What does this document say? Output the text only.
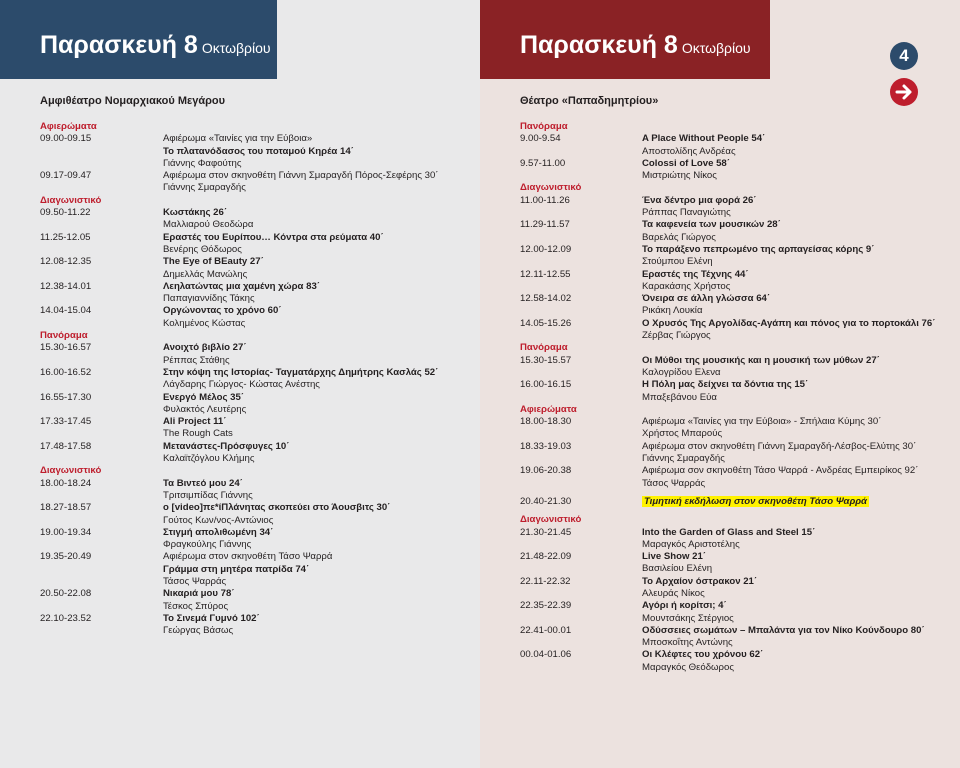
Παρασκευή 8 Οκτωβρίου
Αμφιθέατρο Νομαρχιακού Μεγάρου
Αφιερώματα
09.00-09.15	Αφιέρωμα «Ταινίες για την Εύβοια»
Το πλατανόδασος του ποταμού Κηρέα 14΄
Γιάννης Φαφούτης
09.17-09.47	Αφιέρωμα στον σκηνοθέτη Γιάννη Σμαραγδή Πόρος-Σεφέρης 30΄
Γιάννης Σμαραγδής
Διαγωνιστικό
09.50-11.22	Κωστάκης 26΄
Μαλλιαρού Θεοδώρα
11.25-12.05	Εραστές του Ευρίπου… Κόντρα στα ρεύματα 40΄
Βενέρης Θόδωρος
12.08-12.35	The Eye of BEauty 27΄
Δημελλάς Μανώλης
12.38-14.01	Λεηλατώντας μια χαμένη χώρα 83΄
Παπαγιαννίδης Τάκης
14.04-15.04	Οργώνοντας το χρόνο 60΄
Κολημένος Κώστας
Πανόραμα
15.30-16.57	Ανοιχτό βιβλίο 27΄
Ρέππας Στάθης
16.00-16.52	Στην κόψη της Ιστορίας- Ταγματάρχης Δημήτρης Κασλάς 52΄
Λάγδαρης Γιώργος- Κώστας Ανέστης
16.55-17.30	Ενεργό Μέλος 35΄
Φυλακτός Λευτέρης
17.33-17.45	Ali Project 11΄
The Rough Cats
17.48-17.58	Μετανάστες-Πρόσφυγες 10΄
Καλαϊτζόγλου Κλήμης
Διαγωνιστικό
18.00-18.24	Τα Βιντεό μου 24΄
Τριτσιμπίδας Γιάννης
18.27-18.57	ο [video]πε*ίΠλάνητας σκοπεύει στο Άουσβιτς 30΄
Γούτος Κων/νος-Αντώνιος
19.00-19.34	Στιγμή απολιθωμένη 34΄
Φραγκούλης Γιάννης
19.35-20.49	Αφιέρωμα στον σκηνοθέτη Τάσο Ψαρρά
Γράμμα στη μητέρα πατρίδα 74΄
Τάσος Ψαρράς
20.50-22.08	Νικαριά μου 78΄
Τέσκος Σπύρος
22.10-23.52	Το Σινεμά Γυμνό 102΄
Γεώργας Βάσως
Παρασκευή 8 Οκτωβρίου
Θέατρο «Παπαδημητρίου»
Πανόραμα
9.00-9.54	A Place Without People 54΄
Αποστολίδης Ανδρέας
9.57-11.00	Colossi of Love 58΄
Μιστριώτης Νίκος
Διαγωνιστικό
11.00-11.26	Ένα δέντρο μια φορά 26΄
Ράππας Παναγιώτης
11.29-11.57	Τα καφενεία των μουσικών 28΄
Βαρελάς Γιώργος
12.00-12.09	Το παράξενο πεπρωμένο της αρπαγείσας κόρης 9΄
Στούμπου Ελένη
12.11-12.55	Εραστές της Τέχνης 44΄
Καρακάσης Χρήστος
12.58-14.02	Όνειρα σε άλλη γλώσσα 64΄
Ρικάκη Λουκία
14.05-15.26	Ο Χρυσός Της Αργολίδας-Αγάπη και πόνος για το πορτοκάλι 76΄
Ζέρβας Γιώργος
Πανόραμα
15.30-15.57	Οι Μύθοι της μουσικής και η μουσική των μύθων 27΄
Καλογρίδου Ελενα
16.00-16.15	Η Πόλη μας δείχνει τα δόντια της 15΄
Μπαξεβάνου Εύα
Αφιερώματα
18.00-18.30	Αφιέρωμα «Ταινίες για την Εύβοια» - Σπήλαια Κύμης 30΄
Χρήστος Μπαρούς
18.33-19.03	Αφιέρωμα στον σκηνοθέτη Γιάννη Σμαραγδή-Λέσβος-Ελύτης 30΄
Γιάννης Σμαραγδής
19.06-20.38	Αφιέρωμα σον σκηνοθέτη Τάσο Ψαρρά - Ανδρέας Εμπειρίκος 92΄
Τάσος Ψαρράς
20.40-21.30	Τιμητική εκδήλωση στον σκηνοθέτη Τάσο Ψαρρά
Διαγωνιστικό
21.30-21.45	Into the Garden of Glass and Steel 15΄
Μαραγκός Αριστοτέλης
21.48-22.09	Live Show 21΄
Βασιλείου Ελένη
22.11-22.32	Το Αρχαίον όστρακον 21΄
Αλευράς Νίκος
22.35-22.39	Αγόρι ή κορίτσι; 4΄
Μουντσάκης Στέργιος
22.41-00.01	Οδύσσειες σωμάτων – Μπαλάντα για τον Νίκο Κούνδουρο 80΄
Μποσκοΐτης Αντώνης
00.04-01.06	Οι Κλέφτες του χρόνου 62΄
Μαραγκός Θεόδωρος
4
